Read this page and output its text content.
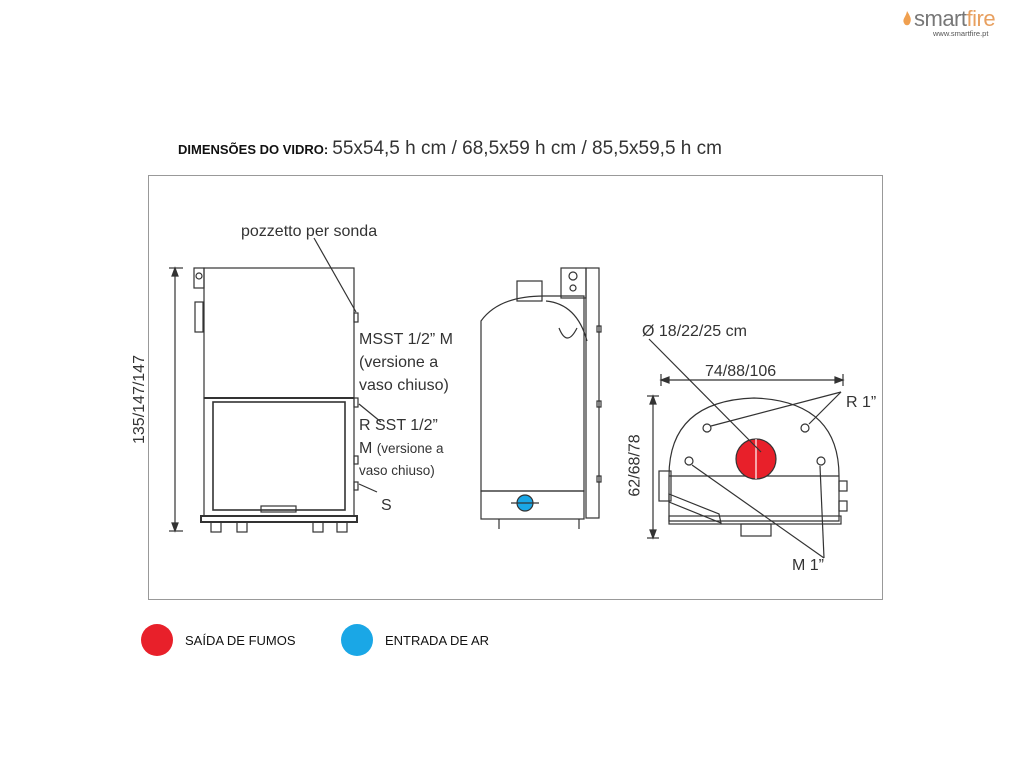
smartfire
www.smartfire.pt
DIMENSÕES DO VIDRO: 55x54,5 h cm / 68,5x59 h cm / 85,5x59,5 h cm
pozzetto per sonda
MSST 1/2” M
(versione a
vaso chiuso)
R SST 1/2”
M (versione a
vaso chiuso)
S
135/147/147
Ø 18/22/25 cm
74/88/106
R 1”
62/68/78
M 1”
SAÍDA DE FUMOS	ENTRADA DE AR
